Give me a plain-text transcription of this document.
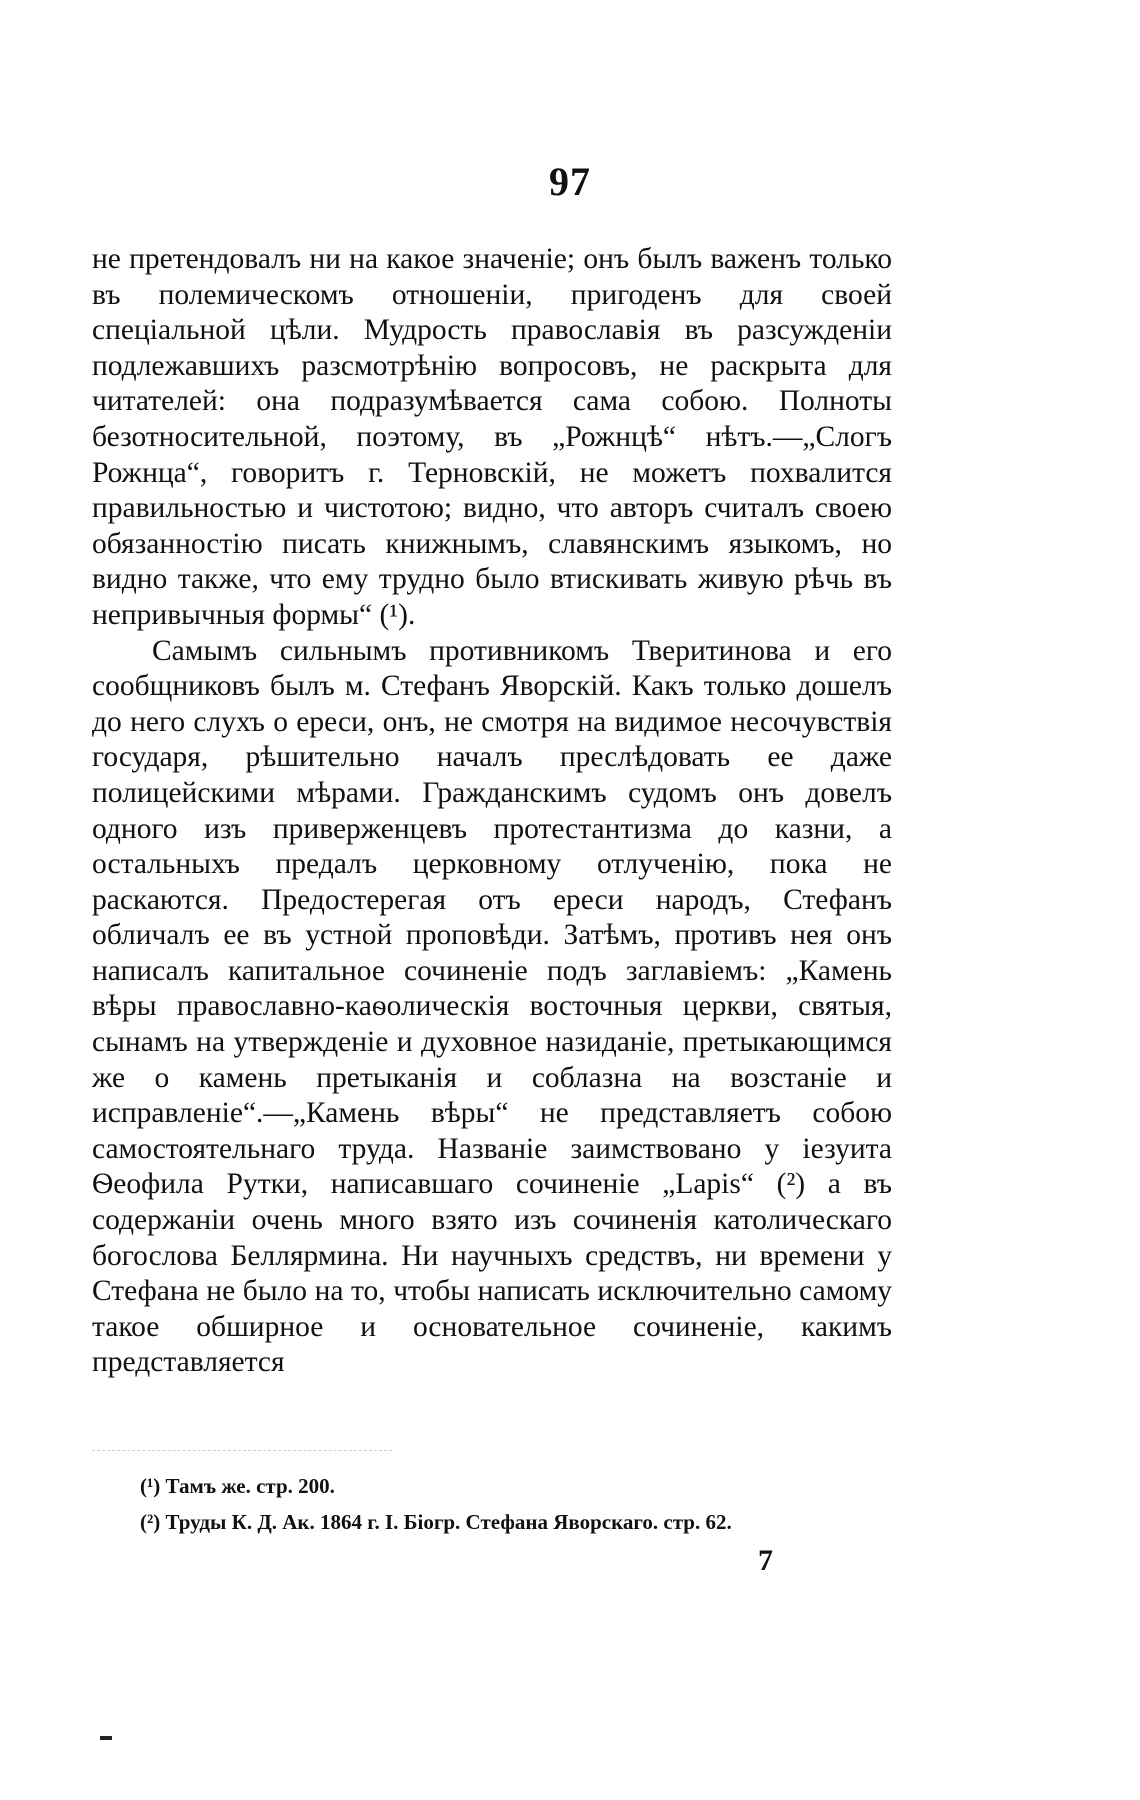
97

не претендовалъ ни на какое значеніе; онъ былъ важенъ только въ полемическомъ отношеніи, пригоденъ для своей спеціальной цѣли. Мудрость православія въ разсужденіи подлежавшихъ разсмотрѣнію вопросовъ, не раскрыта для читателей: она подразумѣвается сама собою. Полноты безотносительной, поэтому, въ „Рожнцѣ“ нѣтъ.—„Слогъ Рожнца“, говоритъ г. Терновскій, не можетъ похвалится правильностью и чистотою; видно, что авторъ считалъ своею обязанностію писать книжнымъ, славянскимъ языкомъ, но видно также, что ему трудно было втискивать живую рѣчь въ непривычныя формы“ (¹).

Самымъ сильнымъ противникомъ Тверитинова и его сообщниковъ былъ м. Стефанъ Яворскій. Какъ только дошелъ до него слухъ о ереси, онъ, не смотря на видимое несочувствія государя, рѣшительно началъ преслѣдовать ее даже полицейскими мѣрами. Гражданскимъ судомъ онъ довелъ одного изъ приверженцевъ протестантизма до казни, а остальныхъ предалъ церковному отлученію, пока не раскаются. Предостерегая отъ ереси народъ, Стефанъ обличалъ ее въ устной проповѣди. Затѣмъ, противъ нея онъ написалъ капитальное сочиненіе подъ заглавіемъ: „Камень вѣры православно-каѳолическія восточныя церкви, святыя, сынамъ на утвержденіе и духовное назиданіе, претыкающимся же о камень претыканія и соблазна на возстаніе и исправленіе“.—„Камень вѣры“ не представляетъ собою самостоятельнаго труда. Названіе заимствовано у іезуита Ѳеофила Рутки, написавшаго сочиненіе „Lapis“ (²) а въ содержаніи очень много взято изъ сочиненія католическаго богослова Беллярмина. Ни научныхъ средствъ, ни времени у Стефана не было на то, чтобы написать исключительно самому такое обширное и основательное сочиненіе, какимъ представляется

(¹) Тамъ же. стр. 200.

(²) Труды К. Д. Ак. 1864 г. I. Біогр. Стефана Яворскаго. стр. 62.

7
